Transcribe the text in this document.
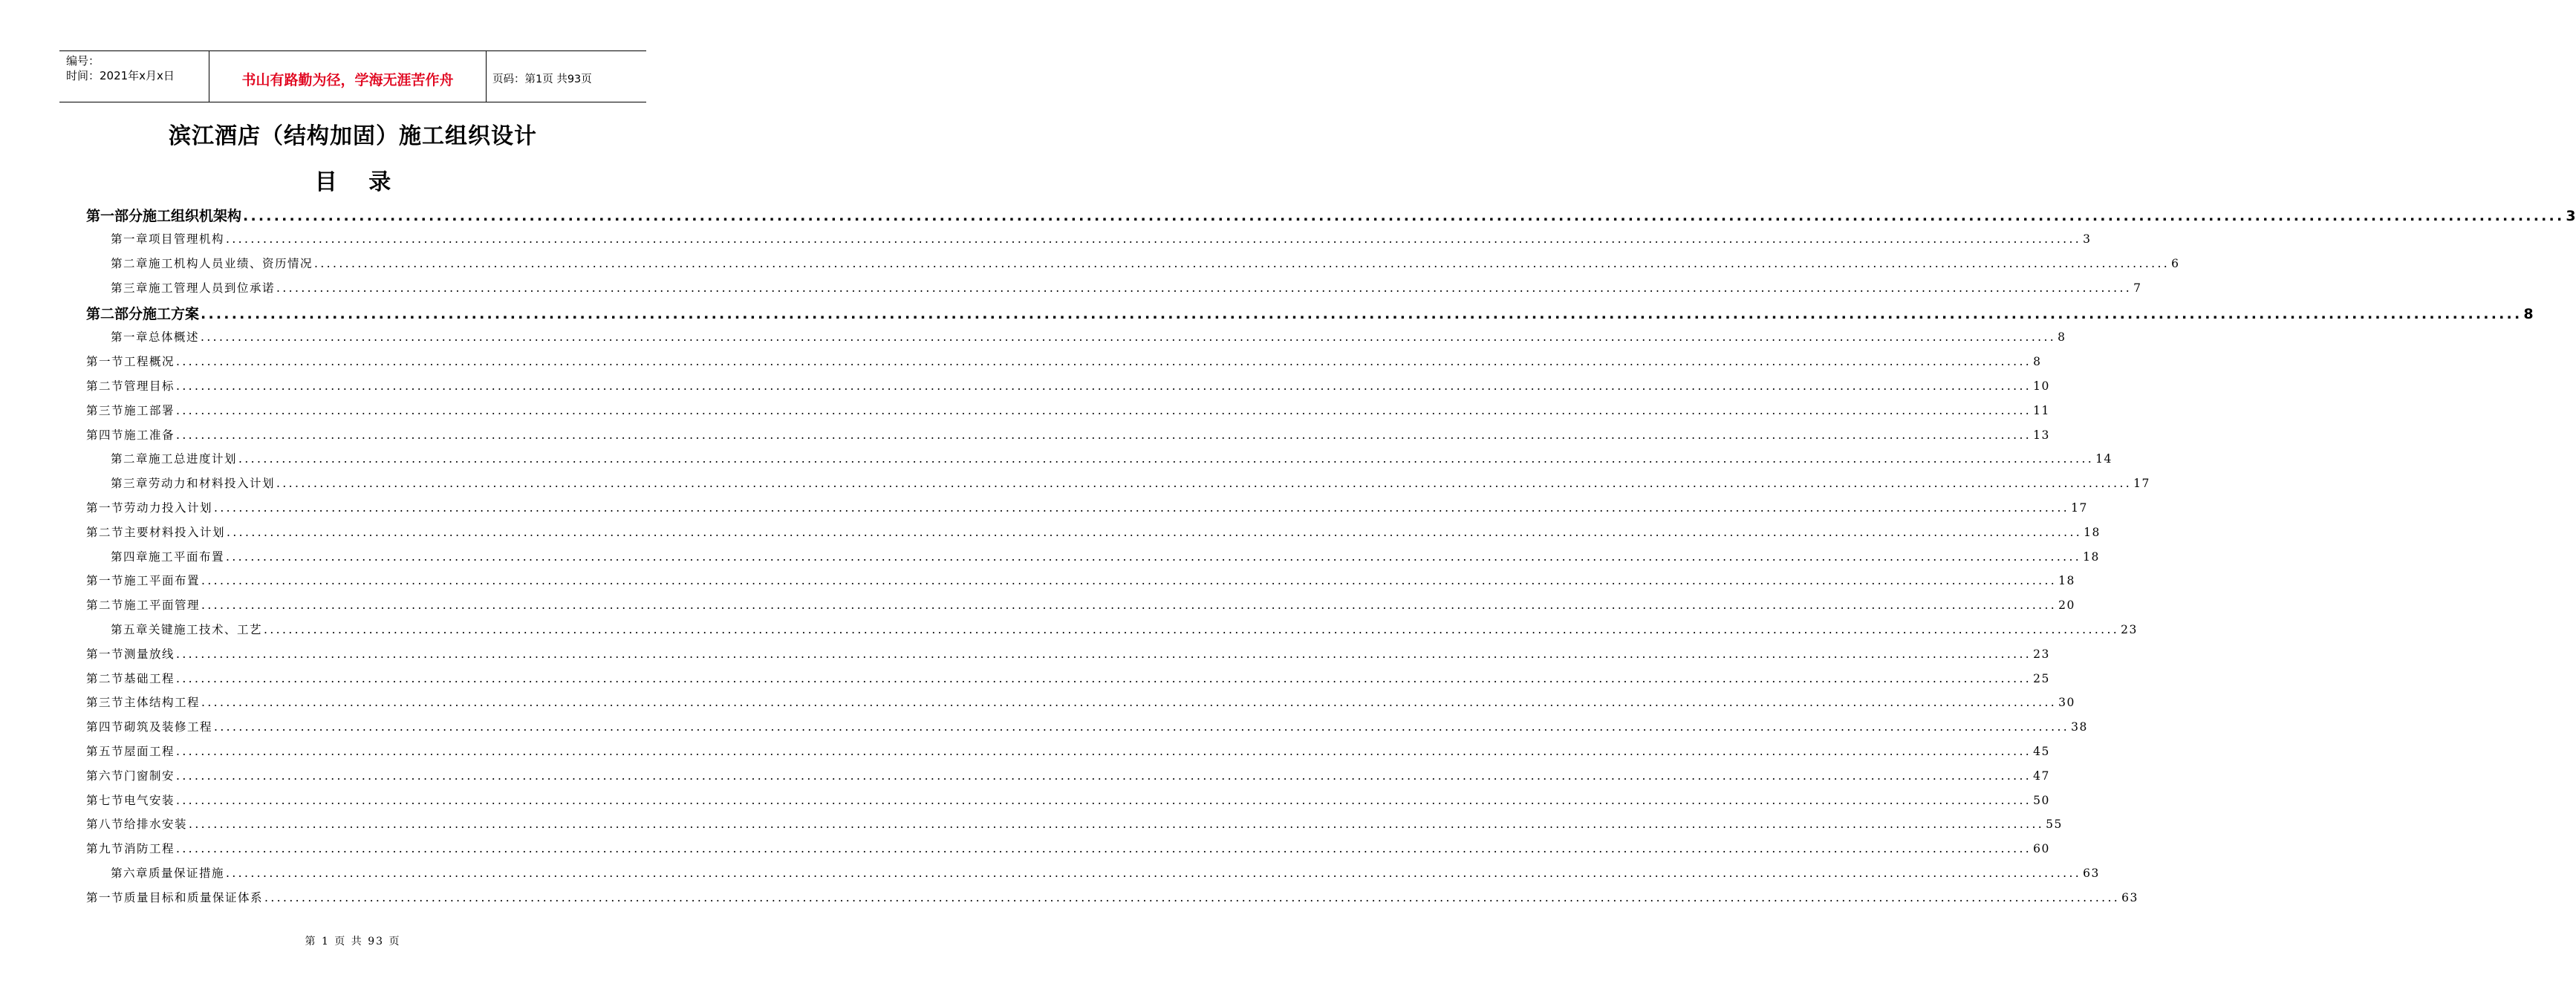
编号：
时间：2021年x月x日	书山有路勤为径，学海无涯苦作舟	页码：第1页 共93页
滨江酒店（结构加固）施工组织设计
目 录
第一部分 施工组织机架构 ............................................................................................................................................................................................................................................................................................................ 3
第一章 项目管理机构 ............................................................................................................................................................................................................................................................................................................ 3
第二章 施工机构人员业绩、资历情况 ............................................................................................................................................................................................................................................................................................................ 6
第三章 施工管理人员到位承诺 ............................................................................................................................................................................................................................................................................................................ 7
第二部分 施工方案 ............................................................................................................................................................................................................................................................................................................ 8
第一章 总体概述 ............................................................................................................................................................................................................................................................................................................ 8
第一节 工程概况 ............................................................................................................................................................................................................................................................................................................ 8
第二节 管理目标 ............................................................................................................................................................................................................................................................................................................ 10
第三节 施工部署 ............................................................................................................................................................................................................................................................................................................ 11
第四节 施工准备 ............................................................................................................................................................................................................................................................................................................ 13
第二章 施工总进度计划 ............................................................................................................................................................................................................................................................................................................ 14
第三章 劳动力和材料投入计划 ............................................................................................................................................................................................................................................................................................................ 17
第一节 劳动力投入计划 ............................................................................................................................................................................................................................................................................................................ 17
第二节 主要材料投入计划 ............................................................................................................................................................................................................................................................................................................ 18
第四章 施工平面布置 ............................................................................................................................................................................................................................................................................................................ 18
第一节 施工平面布置 ............................................................................................................................................................................................................................................................................................................ 18
第二节 施工平面管理 ............................................................................................................................................................................................................................................................................................................ 20
第五章 关键施工技术、工艺 ............................................................................................................................................................................................................................................................................................................ 23
第一节 测量放线 ............................................................................................................................................................................................................................................................................................................ 23
第二节 基础工程 ............................................................................................................................................................................................................................................................................................................ 25
第三节 主体结构工程 ............................................................................................................................................................................................................................................................................................................ 30
第四节 砌筑及装修工程 ............................................................................................................................................................................................................................................................................................................ 38
第五节 屋面工程 ............................................................................................................................................................................................................................................................................................................ 45
第六节 门窗制安 ............................................................................................................................................................................................................................................................................................................ 47
第七节 电气安装 ............................................................................................................................................................................................................................................................................................................ 50
第八节 给排水安装 ............................................................................................................................................................................................................................................................................................................ 55
第九节 消防工程 ............................................................................................................................................................................................................................................................................................................ 60
第六章 质量保证措施 ............................................................................................................................................................................................................................................................................................................ 63
第一节 质量目标和质量保证体系 ............................................................................................................................................................................................................................................................................................................ 63
第 1 页 共 93 页
